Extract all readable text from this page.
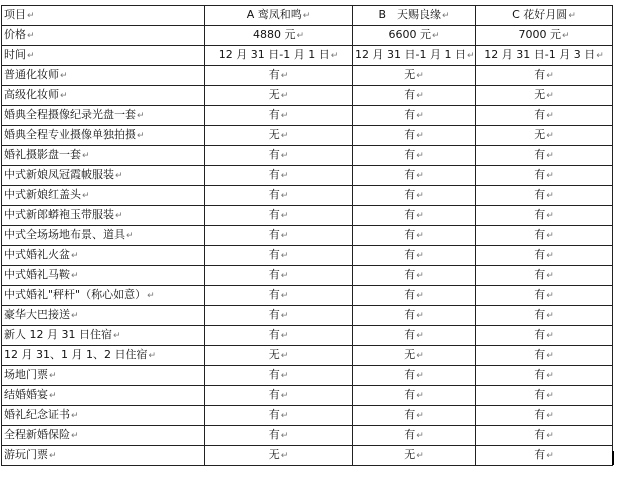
项目↵	A 鸾凤和鸣↵	B　天赐良缘↵	C 花好月圆↵
价格↵	4880 元↵	6600 元↵	7000 元↵
时间↵	12 月 31 日-1 月 1 日↵	12 月 31 日-1 月 1 日↵	12 月 31 日-1 月 3 日↵
普通化妆师↵	有↵	无↵	有↵
高级化妆师↵	无↵	有↵	无↵
婚典全程摄像纪录光盘一套↵	有↵	有↵	有↵
婚典全程专业摄像单独拍摄↵	无↵	有↵	无↵
婚礼摄影盘一套↵	有↵	有↵	有↵
中式新娘凤冠霞帔服装↵	有↵	有↵	有↵
中式新娘红盖头↵	有↵	有↵	有↵
中式新郎蟒袍玉带服装↵	有↵	有↵	有↵
中式全场场地布景、道具↵	有↵	有↵	有↵
中式婚礼火盆↵	有↵	有↵	有↵
中式婚礼马鞍↵	有↵	有↵	有↵
中式婚礼"秤杆"（称心如意）↵	有↵	有↵	有↵
豪华大巴接送↵	有↵	有↵	有↵
新人 12 月 31 日住宿↵	有↵	有↵	有↵
12 月 31、1 月 1、2 日住宿↵	无↵	无↵	有↵
场地门票↵	有↵	有↵	有↵
结婚婚宴↵	有↵	有↵	有↵
婚礼纪念证书↵	有↵	有↵	有↵
全程新婚保险↵	有↵	有↵	有↵
游玩门票↵	无↵	无↵	有↵
